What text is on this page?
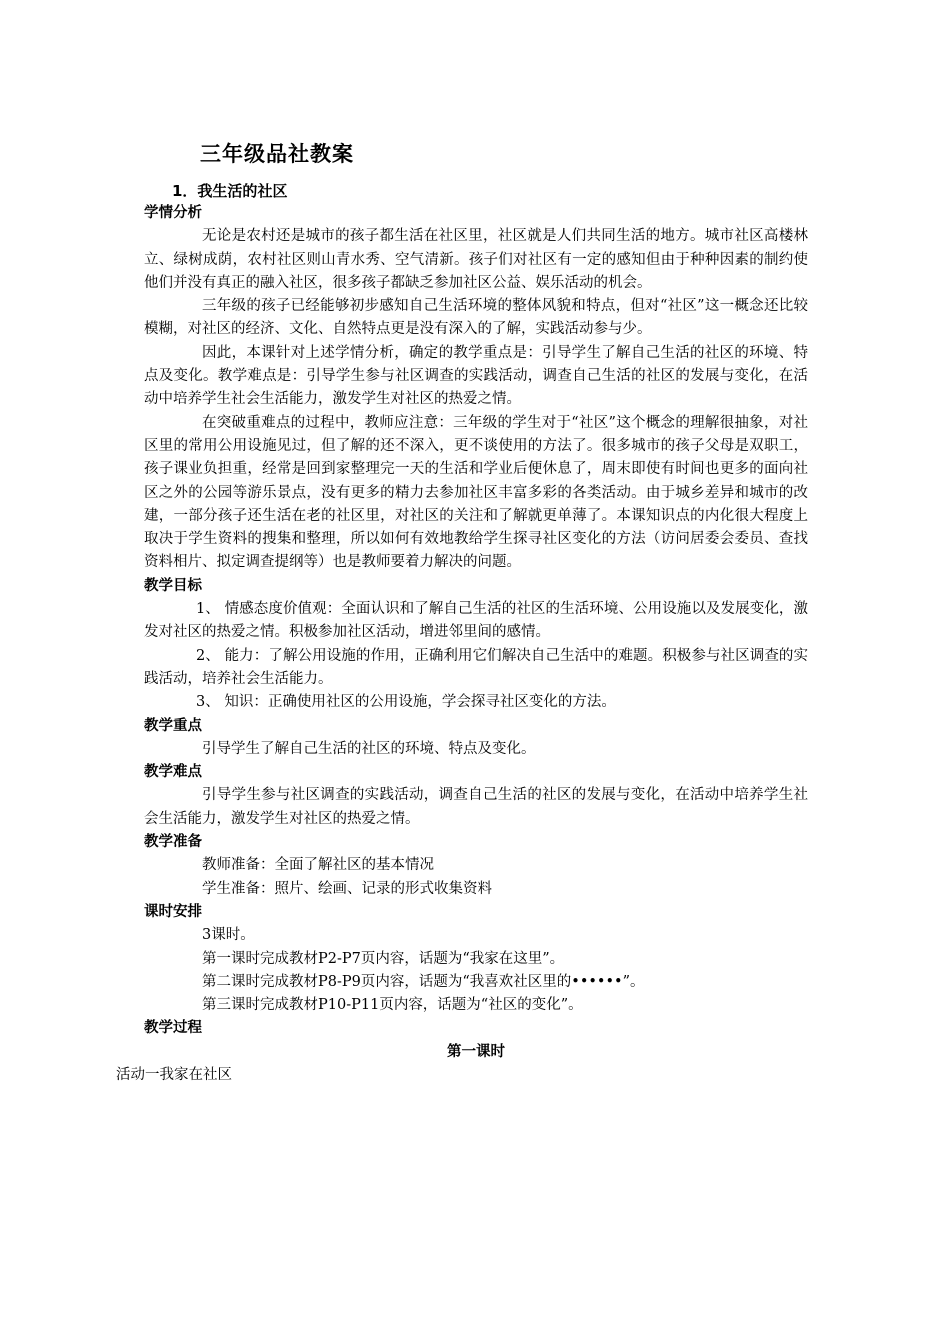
三年级品社教案
1．我生活的社区
学情分析

无论是农村还是城市的孩子都生活在社区里，社区就是人们共同生活的地方。城市社区高楼林立、绿树成荫，农村社区则山青水秀、空气清新。孩子们对社区有一定的感知但由于种种因素的制约使他们并没有真正的融入社区，很多孩子都缺乏参加社区公益、娱乐活动的机会。

三年级的孩子已经能够初步感知自己生活环境的整体风貌和特点，但对“社区”这一概念还比较模糊，对社区的经济、文化、自然特点更是没有深入的了解，实践活动参与少。

因此，本课针对上述学情分析，确定的教学重点是：引导学生了解自己生活的社区的环境、特点及变化。教学难点是：引导学生参与社区调查的实践活动，调查自己生活的社区的发展与变化，在活动中培养学生社会生活能力，激发学生对社区的热爱之情。

在突破重难点的过程中，教师应注意：三年级的学生对于“社区”这个概念的理解很抽象，对社区里的常用公用设施见过，但了解的还不深入，更不谈使用的方法了。很多城市的孩子父母是双职工，孩子课业负担重，经常是回到家整理完一天的生活和学业后便休息了，周末即使有时间也更多的面向社区之外的公园等游乐景点，没有更多的精力去参加社区丰富多彩的各类活动。由于城乡差异和城市的改建，一部分孩子还生活在老的社区里，对社区的关注和了解就更单薄了。本课知识点的内化很大程度上取决于学生资料的搜集和整理，所以如何有效地教给学生探寻社区变化的方法（访问居委会委员、查找资料相片、拟定调查提纲等）也是教师要着力解决的问题。

教学目标

1、 情感态度价值观：全面认识和了解自己生活的社区的生活环境、公用设施以及发展变化，激发对社区的热爱之情。积极参加社区活动，增进邻里间的感情。

2、 能力：了解公用设施的作用，正确利用它们解决自己生活中的难题。积极参与社区调查的实践活动，培养社会生活能力。

3、 知识：正确使用社区的公用设施，学会探寻社区变化的方法。

教学重点

引导学生了解自己生活的社区的环境、特点及变化。

教学难点

引导学生参与社区调查的实践活动，调查自己生活的社区的发展与变化，在活动中培养学生社会生活能力，激发学生对社区的热爱之情。

教学准备

教师准备：全面了解社区的基本情况

学生准备：照片、绘画、记录的形式收集资料

课时安排

3课时。

第一课时完成教材P2-P7页内容，话题为“我家在这里”。

第二课时完成教材P8-P9页内容，话题为“我喜欢社区里的••••••”。

第三课时完成教材P10-P11页内容，话题为“社区的变化”。

教学过程
第一课时
活动一我家在社区
